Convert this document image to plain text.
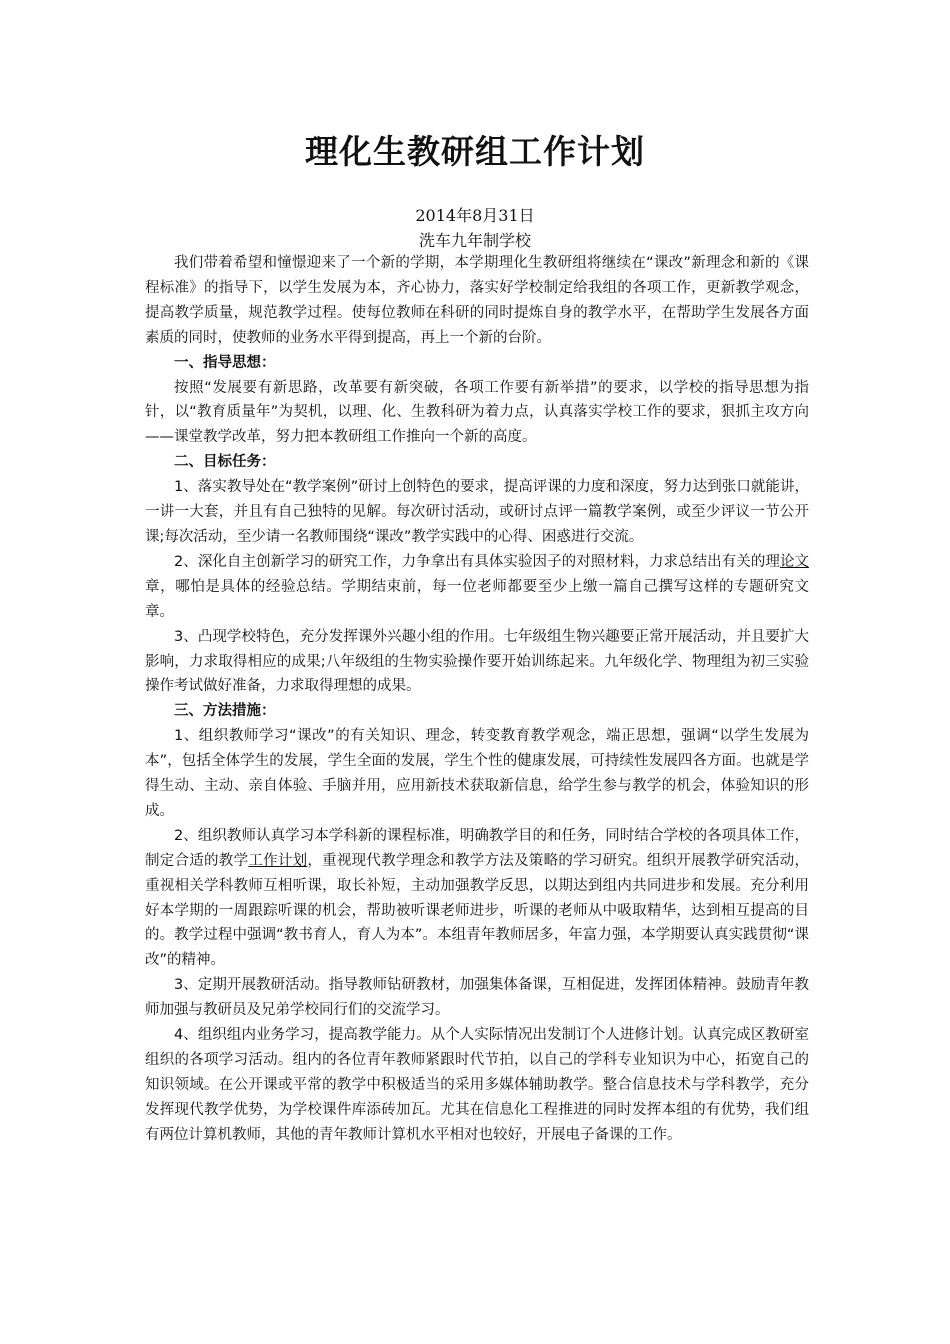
理化生教研组工作计划
2014年8月31日
洗车九年制学校

我们带着希望和憧憬迎来了一个新的学期，本学期理化生教研组将继续在“课改”新理念和新的《课程标准》的指导下，以学生发展为本，齐心协力，落实好学校制定给我组的各项工作，更新教学观念，提高教学质量，规范教学过程。使每位教师在科研的同时提炼自身的教学水平，在帮助学生发展各方面素质的同时，使教师的业务水平得到提高，再上一个新的台阶。

一、指导思想：

按照“发展要有新思路，改革要有新突破，各项工作要有新举措”的要求，以学校的指导思想为指针，以“教育质量年”为契机，以理、化、生教科研为着力点，认真落实学校工作的要求，狠抓主攻方向——课堂教学改革，努力把本教研组工作推向一个新的高度。

二、目标任务：

1、落实教导处在“教学案例”研讨上创特色的要求，提高评课的力度和深度，努力达到张口就能讲，一讲一大套，并且有自己独特的见解。每次研讨活动，或研讨点评一篇教学案例，或至少评议一节公开课;每次活动，至少请一名教师围绕“课改”教学实践中的心得、困惑进行交流。

2、深化自主创新学习的研究工作，力争拿出有具体实验因子的对照材料，力求总结出有关的理论文章，哪怕是具体的经验总结。学期结束前，每一位老师都要至少上缴一篇自己撰写这样的专题研究文章。

3、凸现学校特色，充分发挥课外兴趣小组的作用。七年级组生物兴趣要正常开展活动，并且要扩大影响，力求取得相应的成果;八年级组的生物实验操作要开始训练起来。九年级化学、物理组为初三实验操作考试做好准备，力求取得理想的成果。

三、方法措施：

1、组织教师学习“课改”的有关知识、理念，转变教育教学观念，端正思想，强调“以学生发展为本”，包括全体学生的发展，学生全面的发展，学生个性的健康发展，可持续性发展四各方面。也就是学得生动、主动、亲自体验、手脑并用，应用新技术获取新信息，给学生参与教学的机会，体验知识的形成。

2、组织教师认真学习本学科新的课程标准，明确教学目的和任务，同时结合学校的各项具体工作，制定合适的教学工作计划，重视现代教学理念和教学方法及策略的学习研究。组织开展教学研究活动，重视相关学科教师互相听课，取长补短，主动加强教学反思，以期达到组内共同进步和发展。充分利用好本学期的一周跟踪听课的机会，帮助被听课老师进步，听课的老师从中吸取精华，达到相互提高的目的。教学过程中强调“教书育人，育人为本”。本组青年教师居多，年富力强，本学期要认真实践贯彻“课改”的精神。

3、定期开展教研活动。指导教师钻研教材，加强集体备课，互相促进，发挥团体精神。鼓励青年教师加强与教研员及兄弟学校同行们的交流学习。

4、组织组内业务学习，提高教学能力。从个人实际情况出发制订个人进修计划。认真完成区教研室组织的各项学习活动。组内的各位青年教师紧跟时代节拍，以自己的学科专业知识为中心，拓宽自己的知识领域。在公开课或平常的教学中积极适当的采用多媒体辅助教学。整合信息技术与学科教学，充分发挥现代教学优势，为学校课件库添砖加瓦。尤其在信息化工程推进的同时发挥本组的有优势，我们组有两位计算机教师，其他的青年教师计算机水平相对也较好，开展电子备课的工作。
